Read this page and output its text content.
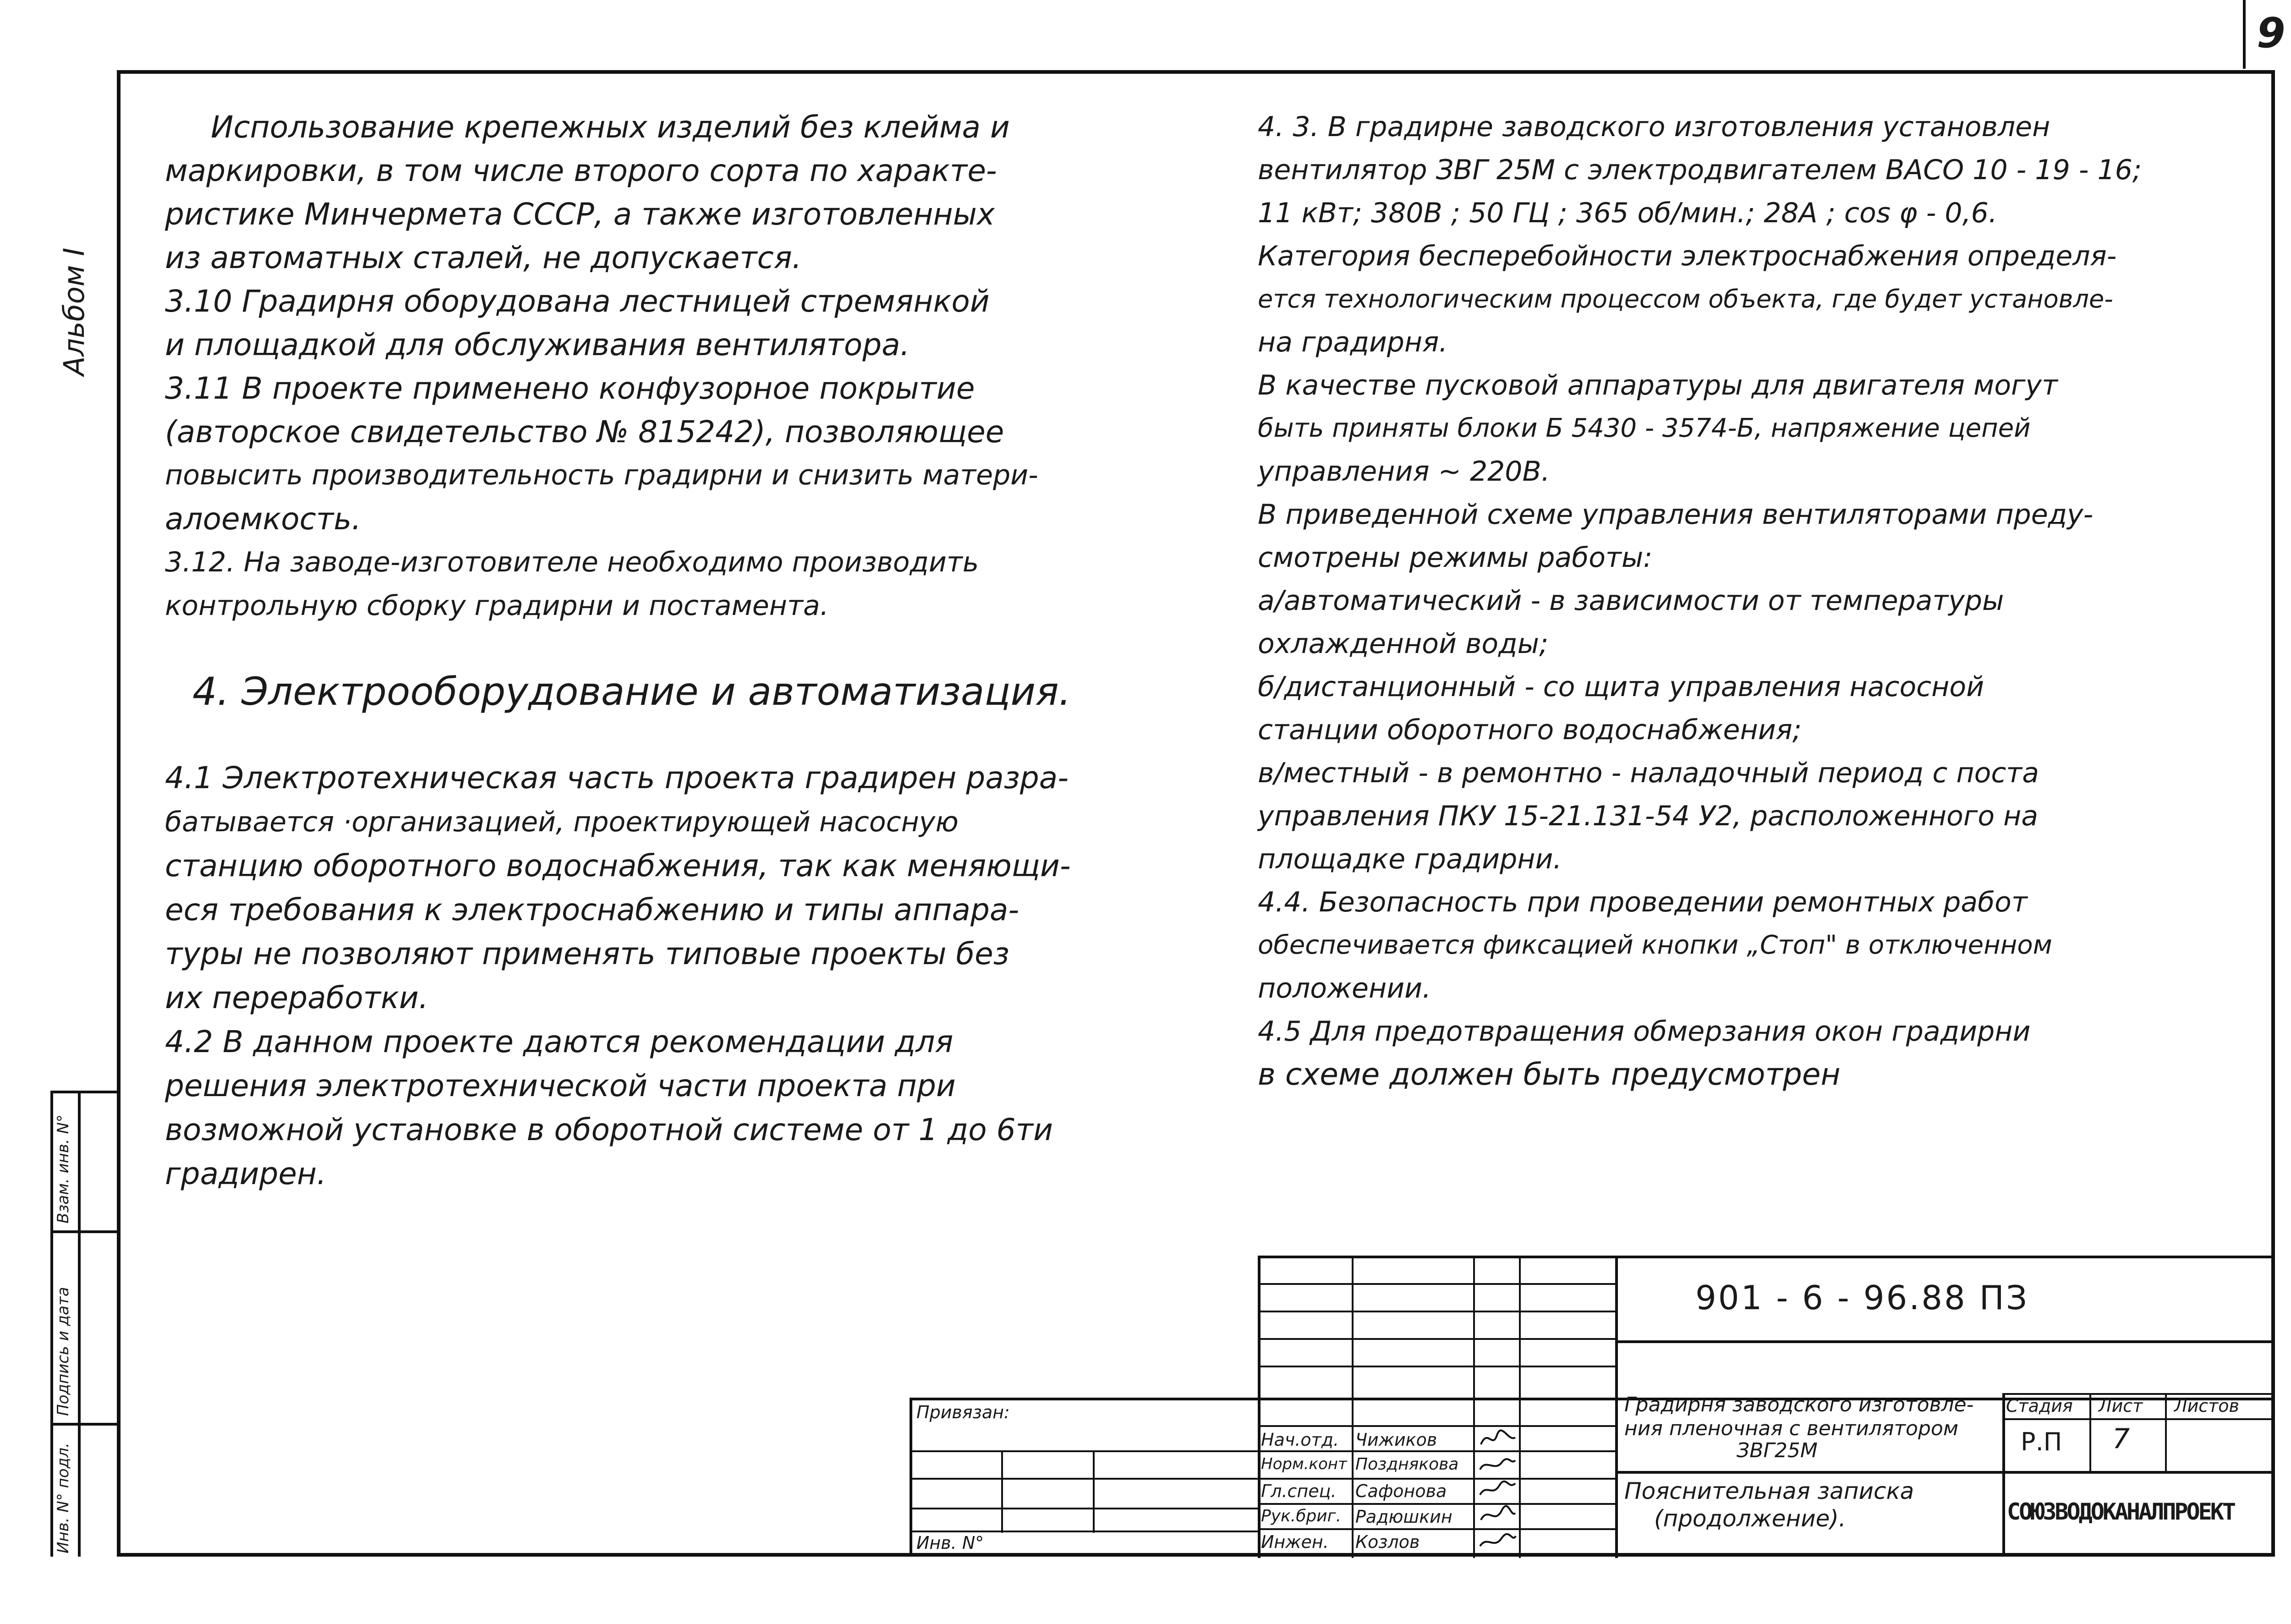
9
Альбом I
Взам. инв. N°
Подпись и дата
Инв. N° подл.
Использование крепежных изделий без клейма и
маркировки, в том числе второго сорта по характе-
ристике Минчермета СССР, а также изготовленных
из автоматных сталей, не допускается.
3.10 Градирня оборудована лестницей стремянкой
и площадкой для обслуживания вентилятора.
3.11 В проекте применено конфузорное покрытие
(авторское свидетельство № 815242), позволяющее
повысить производительность градирни и снизить матери-
алоемкость.
3.12. На заводе-изготовителе необходимо производить
контрольную сборку градирни и постамента.
4. Электрооборудование и автоматизация.
4.1 Электротехническая часть проекта градирен разра-
батывается ·организацией, проектирующей насосную
станцию оборотного водоснабжения, так как меняющи-
еся требования к электроснабжению и типы аппара-
туры не позволяют применять типовые проекты без
их переработки.
4.2 В данном проекте даются рекомендации для
решения электротехнической части проекта при
возможной установке в оборотной системе от 1 до 6ти
градирен.
4. 3. В градирне заводского изготовления установлен
вентилятор ЗВГ 25М с электродвигателем ВАСО 10 - 19 - 16;
11 кВт; 380В ; 50 ГЦ ; 365 об/мин.; 28А ; cos φ - 0,6.
Категория бесперебойности электроснабжения определя-
ется технологическим процессом объекта, где будет установле-
на градирня.
В качестве пусковой аппаратуры для двигателя могут
быть приняты блоки Б 5430 - 3574-Б, напряжение цепей
управления ~ 220В.
В приведенной схеме управления вентиляторами преду-
смотрены режимы работы:
а/автоматический - в зависимости от температуры
охлажденной воды;
б/дистанционный - со щита управления насосной
станции оборотного водоснабжения;
в/местный - в ремонтно - наладочный период с поста
управления ПКУ 15-21.131-54 У2, расположенного на
площадке градирни.
4.4. Безопасность при проведении ремонтных работ
обеспечивается фиксацией кнопки „Стоп" в отключенном
положении.
4.5 Для предотвращения обмерзания окон градирни
в схеме должен быть предусмотрен
Привязан:
Инв. N°
901 - 6 - 96.88 ПЗ
Градирня заводского изготовле-
ния пленочная с вентилятором
ЗВГ25М
Пояснительная записка
(продолжение).
Стадия Лист Листов
Р.П 7
СОЮЗВОДОКАНАЛПРОЕКТ
Нач.отд.
Норм.конт
Гл.спец.
Рук.бриг.
Инжен.
Чижиков
Позднякова
Сафонова
Радюшкин
Козлов
